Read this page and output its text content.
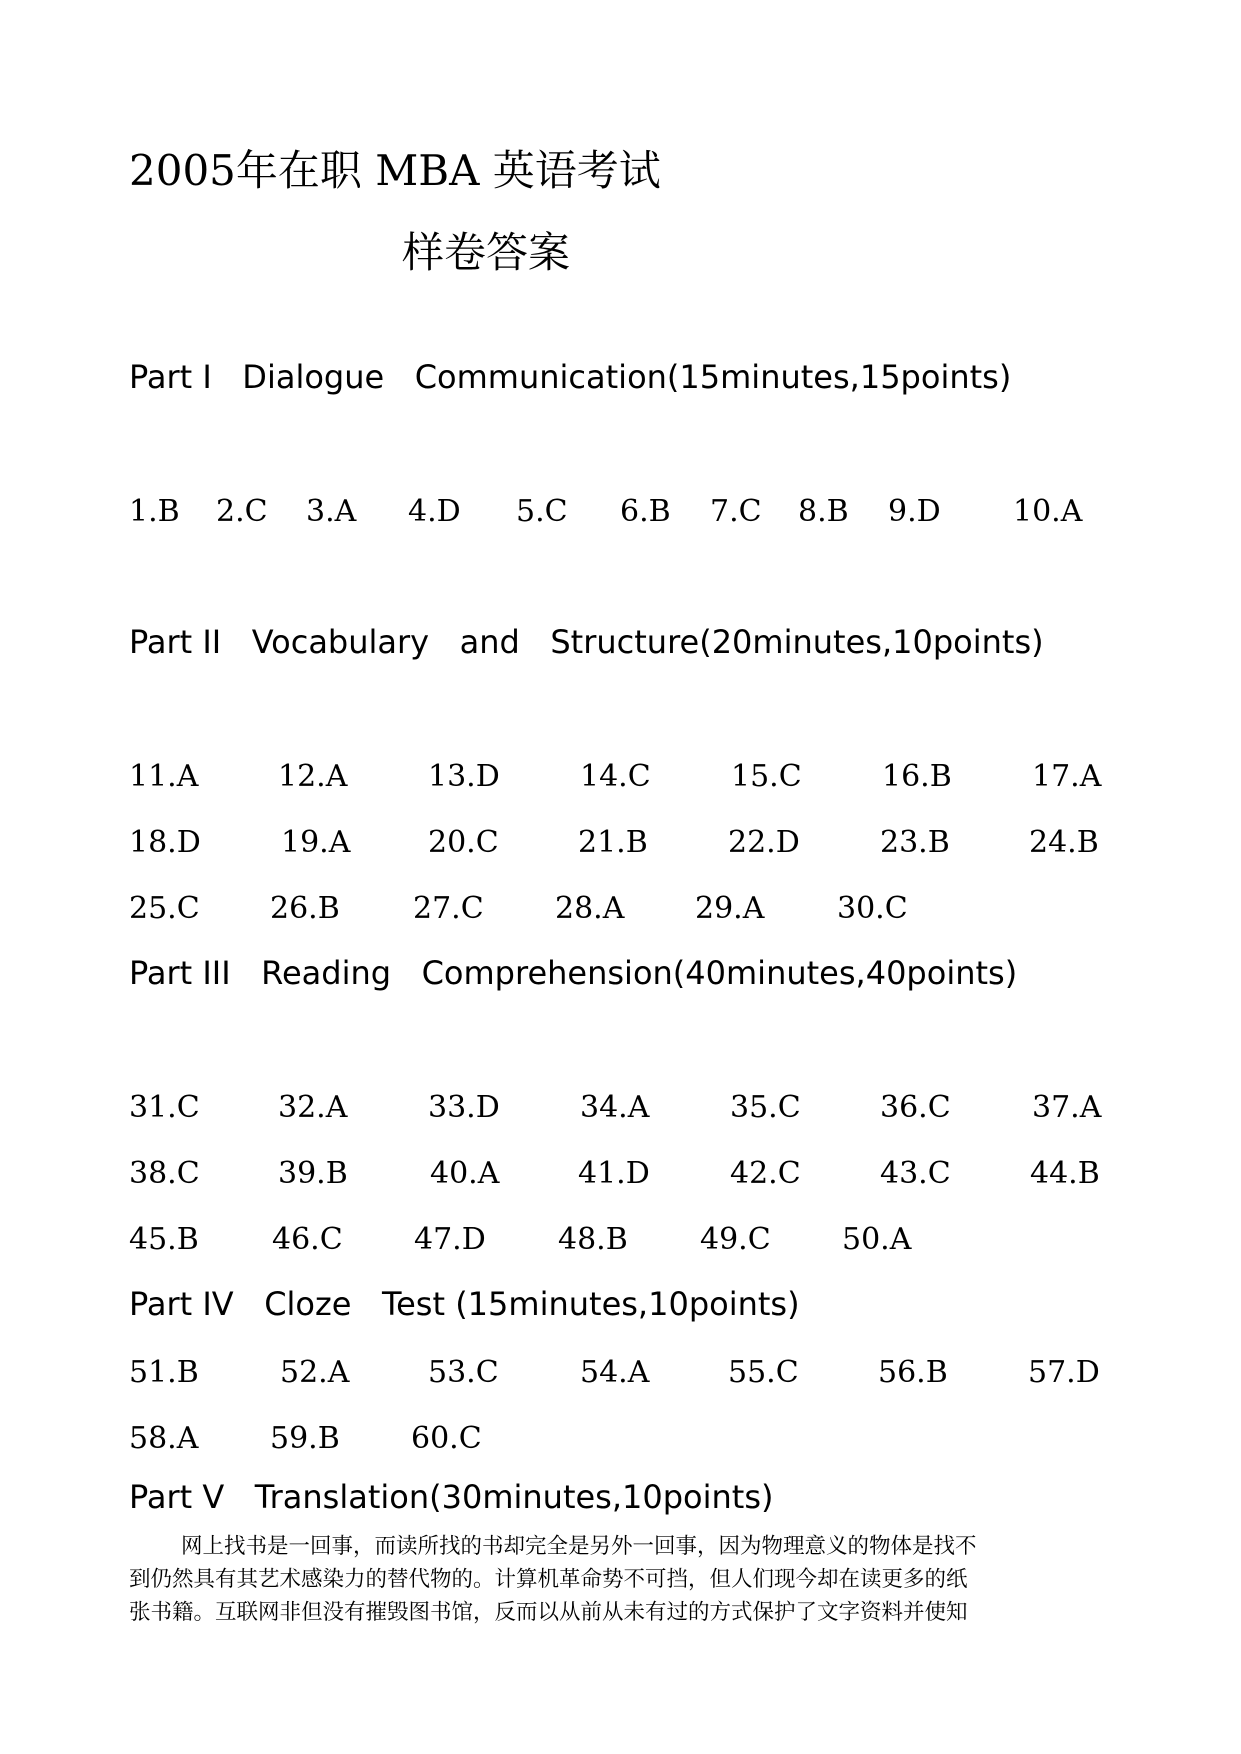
2005年在职 MBA 英语考试
样卷答案
Part I   Dialogue   Communication(15minutes,15points)
1.B 2.C 3.A 4.D 5.C 6.B 7.C 8.B 9.D 10.A
Part II   Vocabulary   and   Structure(20minutes,10points)
11.A	12.A	13.D	14.C	15.C	16.B	17.A
18.D	19.A	20.C	21.B	22.D	23.B	24.B
25.C 26.B 27.C 28.A 29.A 30.C
Part III   Reading   Comprehension(40minutes,40points)
31.C	32.A	33.D	34.A	35.C	36.C	37.A
38.C	39.B	40.A	41.D	42.C	43.C	44.B
45.B 46.C 47.D 48.B 49.C 50.A
Part IV   Cloze   Test (15minutes,10points)
51.B	52.A	53.C	54.A	55.C	56.B	57.D
58.A 59.B 60.C
Part V   Translation(30minutes,10points)
网上找书是一回事，而读所找的书却完全是另外一回事，因为物理意义的物体是找不
到仍然具有其艺术感染力的替代物的。计算机革命势不可挡，但人们现今却在读更多的纸
张书籍。互联网非但没有摧毁图书馆，反而以从前从未有过的方式保护了文字资料并使知
